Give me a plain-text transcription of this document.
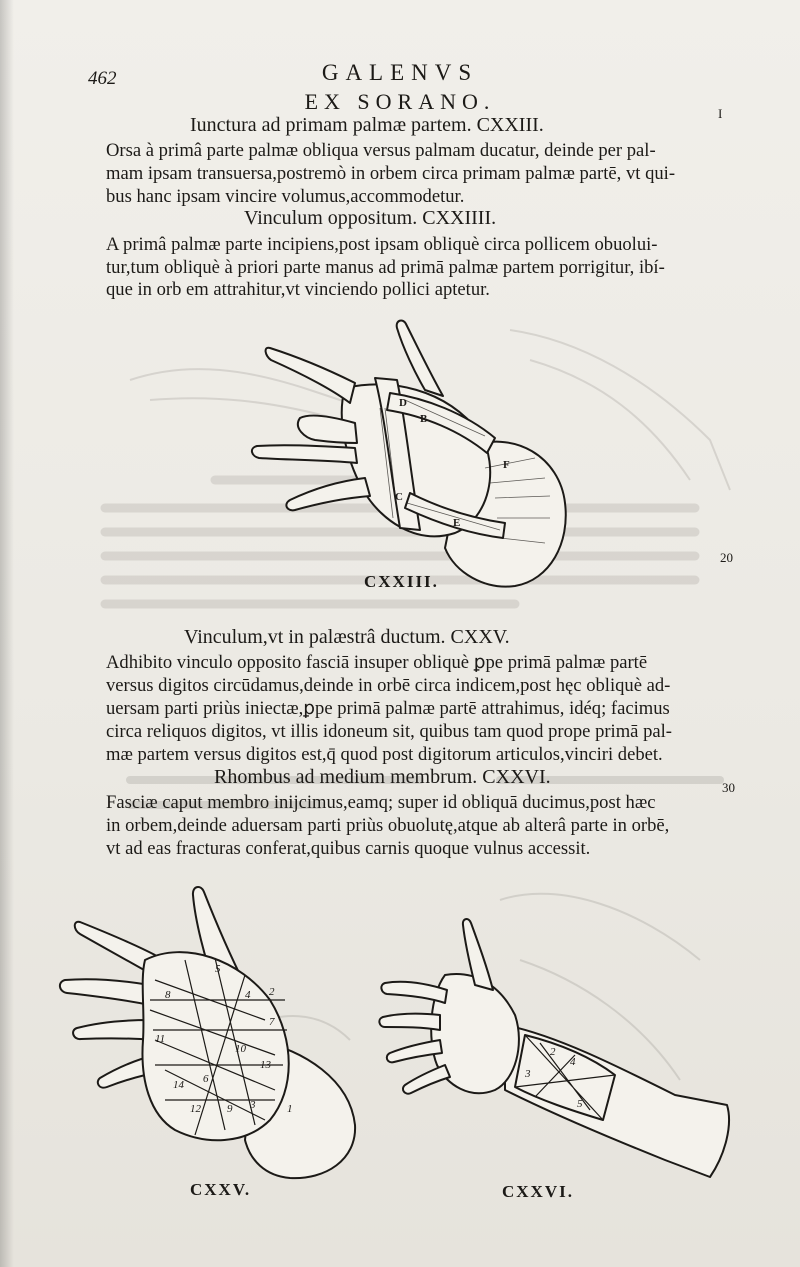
462	GALENVS
EX SORANO.	I
Iunctura ad primam palmæ partem. CXXIII.
Orsa à primâ parte palmæ obliqua versus palmam ducatur, deinde per pal-
mam ipsam transuersa,postremò in orbem circa primam palmæ partē, vt qui-
bus hanc ipsam vincire volumus,accommodetur.
Vinculum oppositum. CXXIIII.
A primâ palmæ parte incipiens,post ipsam obliquè circa pollicem obuolui-
tur,tum obliquè à priori parte manus ad primā palmæ partem porrigitur, ibí-
que in orb em attrahitur,vt vinciendo pollici aptetur.
D
B
F
C
E
CXXIII.
20
Vinculum,vt in palæstrâ ductum. CXXV.
Adhibito vinculo opposito fasciā insuper obliquè ꝑpe primā palmæ partē
versus digitos circūdamus,deinde in orbē circa indicem,post hęc obliquè ad-
uersam parti priùs iniectæ,ꝑpe primā palmæ partē attrahimus, idéq; facimus
circa reliquos digitos, vt illis idoneum sit, quibus tam quod prope primā pal-
mæ partem versus digitos est,q̄ quod post digitorum articulos,vinciri debet.
Rhombus ad medium membrum. CXXVI.	30
Fasciæ caput membro inijcimus,eamq; super id obliquā ducimus,post hæc
in orbem,deinde aduersam parti priùs obuolutę,atque ab alterâ parte in orbē,
vt ad eas fracturas conferat,quibus carnis quoque vulnus accessit.
8
5
2
4
7
11
13
10
6
14
12 9 3	1
CXXV.
2
4
3
5
CXXVI.
